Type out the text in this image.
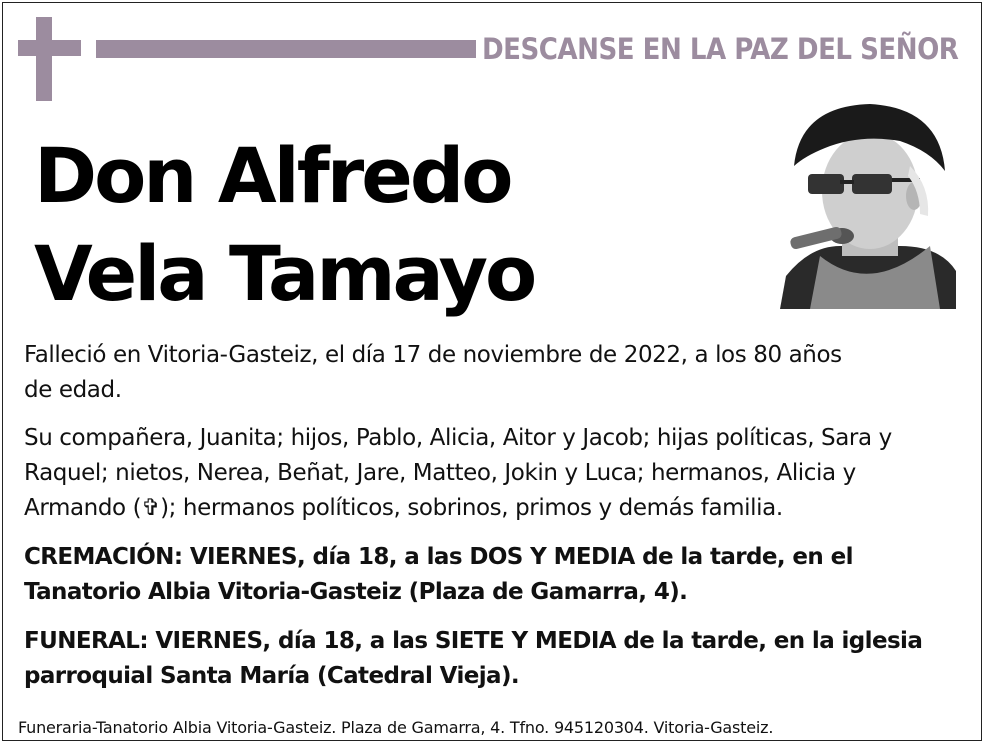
DESCANSE EN LA PAZ DEL SEÑOR
Don Alfredo
Vela Tamayo
Falleció en Vitoria-Gasteiz, el día 17 de noviembre de 2022, a los 80 años
de edad.
Su compañera, Juanita; hijos, Pablo, Alicia, Aitor y Jacob; hijas políticas, Sara y
Raquel; nietos, Nerea, Beñat, Jare, Matteo, Jokin y Luca; hermanos, Alicia y
Armando (✞); hermanos políticos, sobrinos, primos y demás familia.
CREMACIÓN: VIERNES, día 18, a las DOS Y MEDIA de la tarde, en el
Tanatorio Albia Vitoria-Gasteiz (Plaza de Gamarra, 4).
FUNERAL: VIERNES, día 18, a las SIETE Y MEDIA de la tarde, en la iglesia
parroquial Santa María (Catedral Vieja).
Funeraria-Tanatorio Albia Vitoria-Gasteiz. Plaza de Gamarra, 4. Tfno. 945120304. Vitoria-Gasteiz.
